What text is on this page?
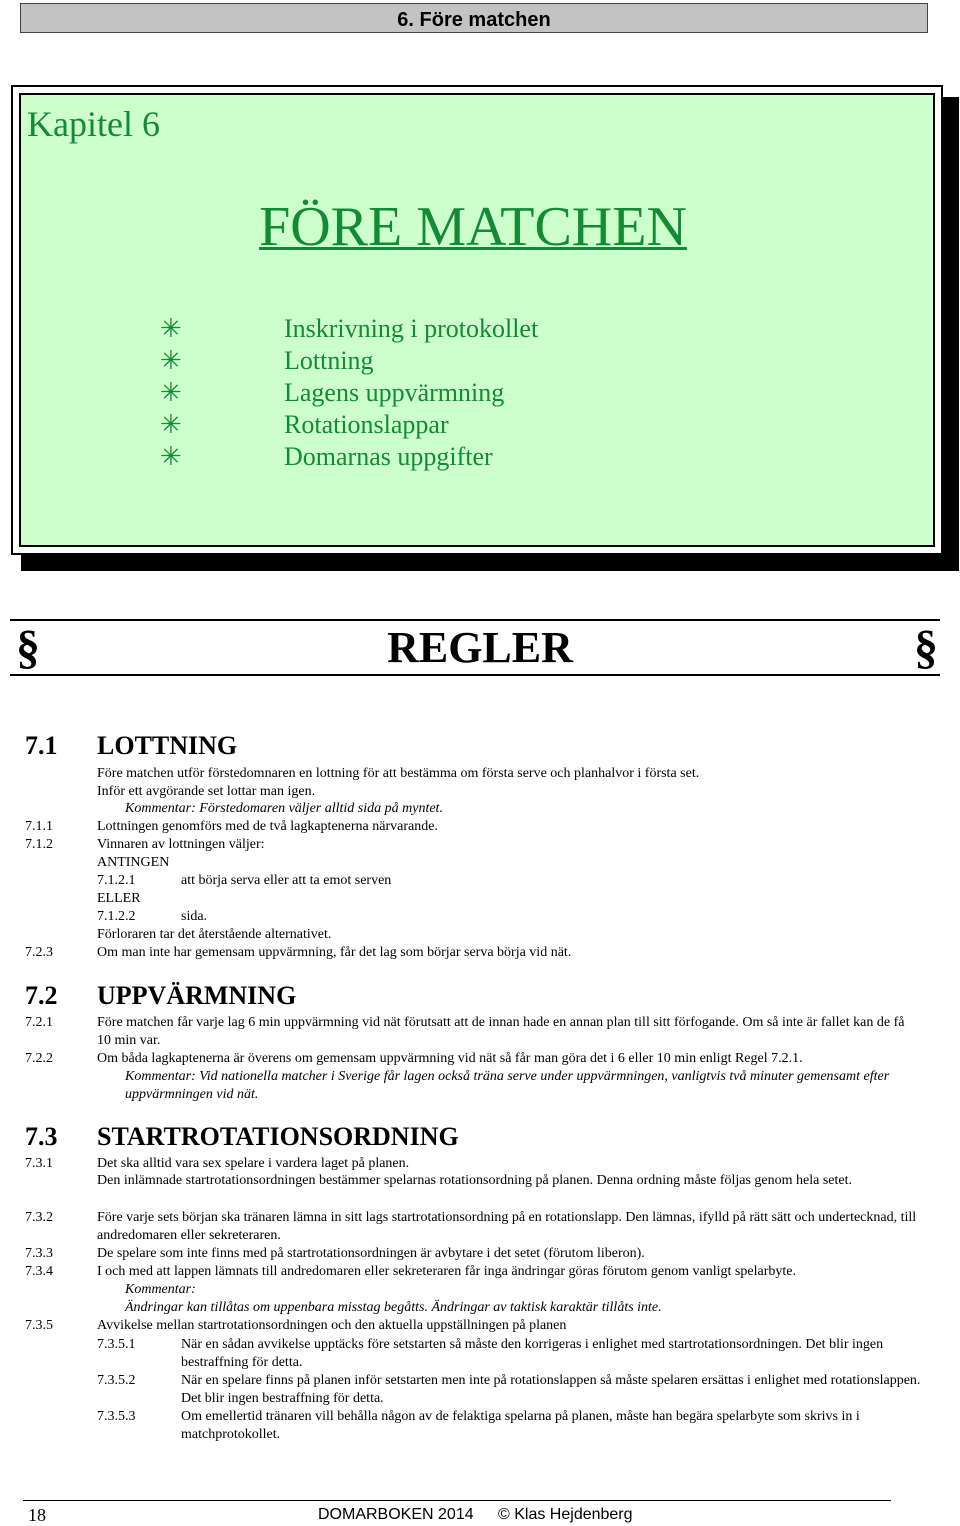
6. Före matchen
Kapitel 6
FÖRE MATCHEN
✳	Inskrivning i protokollet
✳	Lottning
✳	Lagens uppvärmning
✳	Rotationslappar
✳	Domarnas uppgifter
§	§
REGLER
7.1 LOTTNING
Före matchen utför förstedomnaren en lottning för att bestämma om första serve och planhalvor i första set.
Inför ett avgörande set lottar man igen.
Kommentar: Förstedomaren väljer alltid sida på myntet.
7.1.1	Lottningen genomförs med de två lagkaptenerna närvarande.
7.1.2	Vinnaren av lottningen väljer:
ANTINGEN
7.1.2.1	att börja serva eller att ta emot serven
ELLER
7.1.2.2	sida.
Förloraren tar det återstående alternativet.
7.2.3	Om man inte har gemensam uppvärmning, får det lag som börjar serva börja vid nät.
7.2 UPPVÄRMNING
7.2.1	Före matchen får varje lag 6 min uppvärmning vid nät förutsatt att de innan hade en annan plan till sitt förfogande. Om så inte är fallet kan de få 10 min var.
7.2.2	Om båda lagkaptenerna är överens om gemensam uppvärmning vid nät så får man göra det i 6 eller 10 min enligt Regel 7.2.1.
Kommentar: Vid nationella matcher i Sverige får lagen också träna serve under uppvärmningen, vanligtvis två minuter gemensamt efter uppvärmningen vid nät.
7.3 STARTROTATIONSORDNING
7.3.1	Det ska alltid vara sex spelare i vardera laget på planen.
Den inlämnade startrotationsordningen bestämmer spelarnas rotationsordning på planen. Denna ordning måste följas genom hela setet.
7.3.2	Före varje sets början ska tränaren lämna in sitt lags startrotationsordning på en rotationslapp. Den lämnas, ifylld på rätt sätt och undertecknad, till andredomaren eller sekreteraren.
7.3.3	De spelare som inte finns med på startrotationsordningen är avbytare i det setet (förutom liberon).
7.3.4	I och med att lappen lämnats till andredomaren eller sekreteraren får inga ändringar göras förutom genom vanligt spelarbyte.
Kommentar:
Ändringar kan tillåtas om uppenbara misstag begåtts. Ändringar av taktisk karaktär tillåts inte.
7.3.5	Avvikelse mellan startrotationsordningen och den aktuella uppställningen på planen
7.3.5.1	När en sådan avvikelse upptäcks före setstarten så måste den korrigeras i enlighet med startrotationsordningen. Det blir ingen bestraffning för detta.
7.3.5.2	När en spelare finns på planen inför setstarten men inte på rotationslappen så måste spelaren ersättas i enlighet med rotationslappen. Det blir ingen bestraffning för detta.
7.3.5.3	Om emellertid tränaren vill behålla någon av de felaktiga spelarna på planen, måste han begära spelarbyte som skrivs in i matchprotokollet.
18	DOMARBOKEN 2014 © Klas Hejdenberg
